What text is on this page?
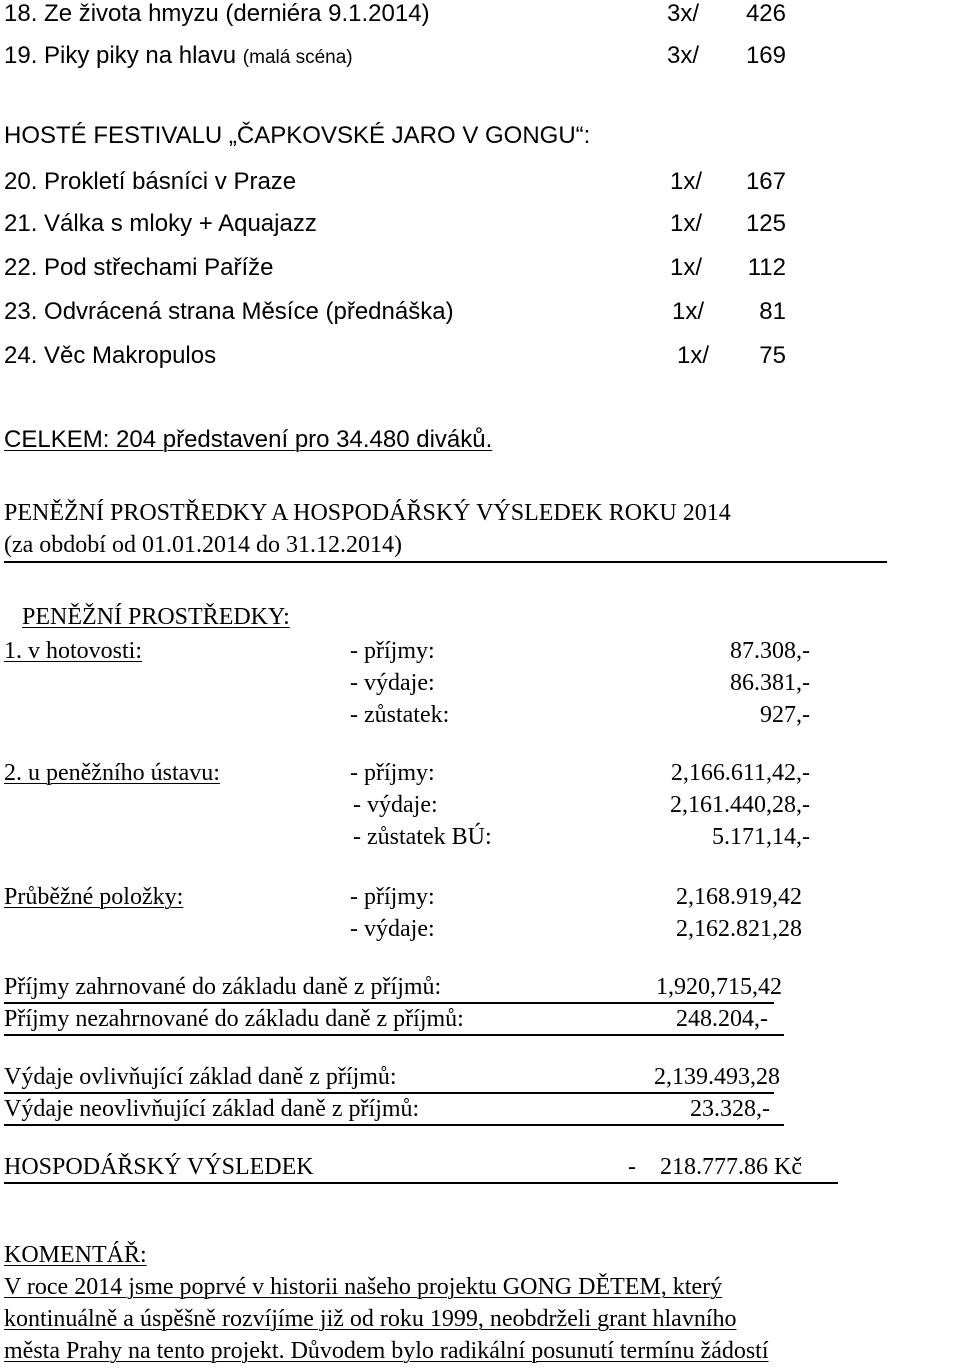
18. Ze života hmyzu (derniéra 9.1.2014)	3x/	426
19. Piky piky na hlavu (malá scéna)	3x/	169
HOSTÉ FESTIVALU „ČAPKOVSKÉ JARO V GONGU“:
20. Prokletí básníci v Praze	1x/	167
21. Válka s mloky + Aquajazz	1x/	125
22. Pod střechami Paříže	1x/	112
23. Odvrácená strana Měsíce (přednáška)	1x/	81
24. Věc Makropulos	1x/	75
CELKEM: 204 představení pro 34.480 diváků.
PENĚŽNÍ PROSTŘEDKY A HOSPODÁŘSKÝ VÝSLEDEK ROKU 2014
(za období od 01.01.2014 do 31.12.2014)
PENĚŽNÍ PROSTŘEDKY:
1. v hotovosti:	- příjmy:	87.308,-
- výdaje:	86.381,-
- zůstatek:	927,-
2. u peněžního ústavu:	- příjmy:	2,166.611,42,-
- výdaje:	2,161.440,28,-
- zůstatek BÚ:	5.171,14,-
Průběžné položky:	- příjmy:	2,168.919,42
- výdaje:	2,162.821,28
Příjmy zahrnované do základu daně z příjmů:	1,920,715,42
Příjmy nezahrnované do základu daně z příjmů:	248.204,-
Výdaje ovlivňující základ daně z příjmů:	2,139.493,28
Výdaje neovlivňující základ daně z příjmů:	23.328,-
HOSPODÁŘSKÝ VÝSLEDEK	-    218.777.86 Kč
KOMENTÁŘ:
V roce 2014 jsme poprvé v historii našeho projektu GONG DĚTEM, který
kontinuálně a úspěšně rozvíjíme již od roku 1999, neobdrželi grant hlavního
města Prahy na tento projekt. Důvodem bylo radikální posunutí termínu žádostí
